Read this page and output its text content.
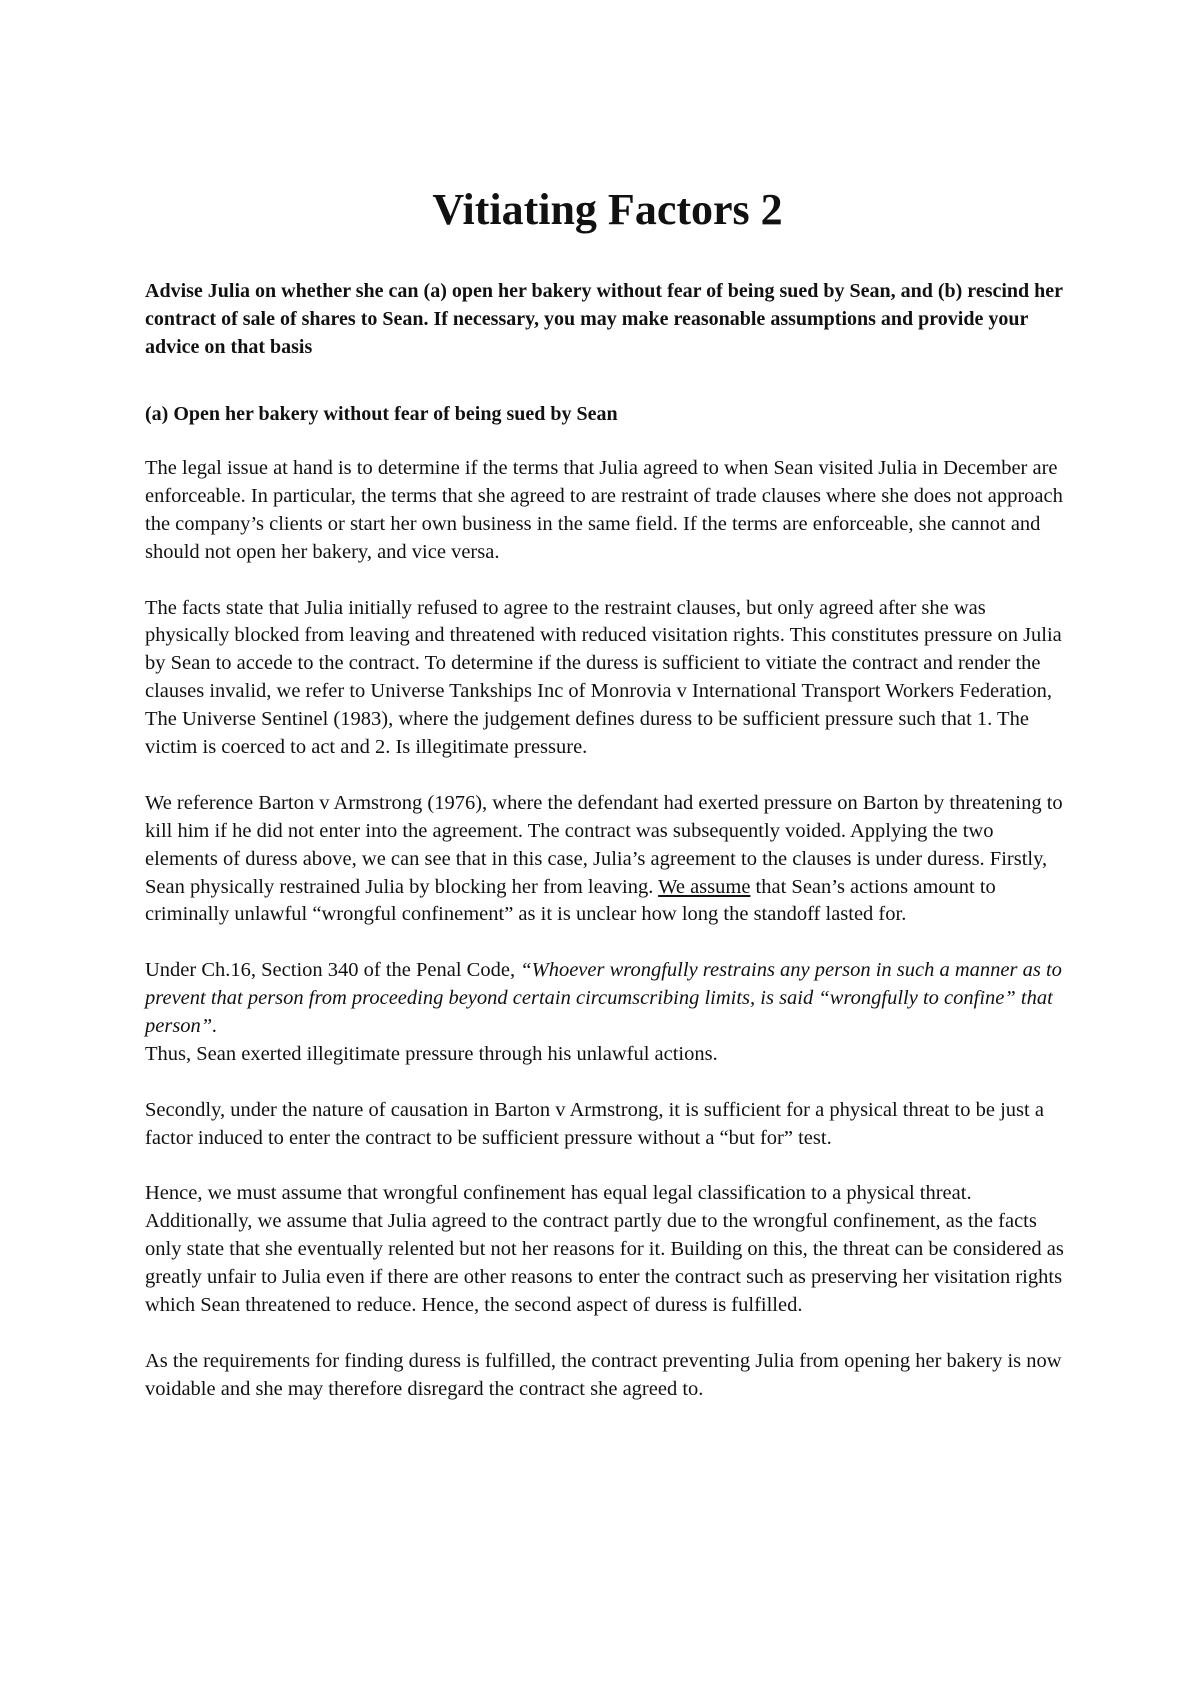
Vitiating Factors 2

Advise Julia on whether she can (a) open her bakery without fear of being sued by Sean, and (b) rescind her contract of sale of shares to Sean. If necessary, you may make reasonable assumptions and provide your advice on that basis

(a) Open her bakery without fear of being sued by Sean

The legal issue at hand is to determine if the terms that Julia agreed to when Sean visited Julia in December are enforceable. In particular, the terms that she agreed to are restraint of trade clauses where she does not approach the company’s clients or start her own business in the same field. If the terms are enforceable, she cannot and should not open her bakery, and vice versa.

The facts state that Julia initially refused to agree to the restraint clauses, but only agreed after she was physically blocked from leaving and threatened with reduced visitation rights. This constitutes pressure on Julia by Sean to accede to the contract. To determine if the duress is sufficient to vitiate the contract and render the clauses invalid, we refer to Universe Tankships Inc of Monrovia v International Transport Workers Federation, The Universe Sentinel (1983), where the judgement defines duress to be sufficient pressure such that 1. The victim is coerced to act and 2. Is illegitimate pressure.

We reference Barton v Armstrong (1976), where the defendant had exerted pressure on Barton by threatening to kill him if he did not enter into the agreement. The contract was subsequently voided. Applying the two elements of duress above, we can see that in this case, Julia’s agreement to the clauses is under duress. Firstly, Sean physically restrained Julia by blocking her from leaving. We assume that Sean’s actions amount to criminally unlawful “wrongful confinement” as it is unclear how long the standoff lasted for.

Under Ch.16, Section 340 of the Penal Code, “Whoever wrongfully restrains any person in such a manner as to prevent that person from proceeding beyond certain circumscribing limits, is said “wrongfully to confine” that person”.

Thus, Sean exerted illegitimate pressure through his unlawful actions.

Secondly, under the nature of causation in Barton v Armstrong, it is sufficient for a physical threat to be just a factor induced to enter the contract to be sufficient pressure without a “but for” test.

Hence, we must assume that wrongful confinement has equal legal classification to a physical threat. Additionally, we assume that Julia agreed to the contract partly due to the wrongful confinement, as the facts only state that she eventually relented but not her reasons for it. Building on this, the threat can be considered as greatly unfair to Julia even if there are other reasons to enter the contract such as preserving her visitation rights which Sean threatened to reduce. Hence, the second aspect of duress is fulfilled.

As the requirements for finding duress is fulfilled, the contract preventing Julia from opening her bakery is now voidable and she may therefore disregard the contract she agreed to.
